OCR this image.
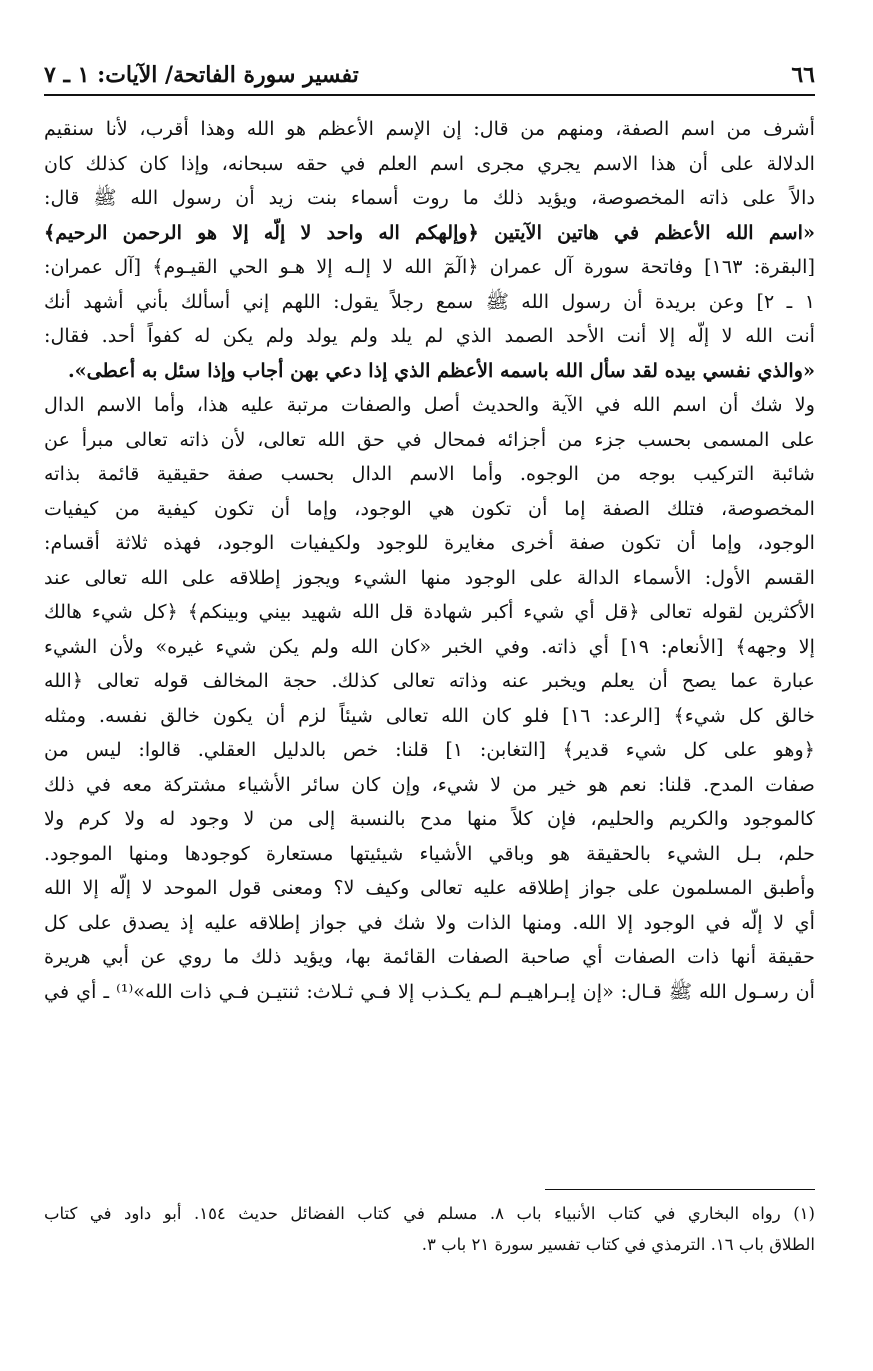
٦٦
تفسير سورة الفاتحة/ الآيات: ١ ـ ٧
أشرف من اسم الصفة، ومنهم من قال: إن الإسم الأعظم هو الله وهذا أقرب، لأنا سنقيم
الدلالة على أن هذا الاسم يجري مجرى اسم العلم في حقه سبحانه، وإذا كان كذلك كان
دالاً على ذاته المخصوصة، ويؤيد ذلك ما روت أسماء بنت زيد أن رسول الله ﷺ قال:
«اسم الله الأعظم في هاتين الآيتين ﴿وإلهكم اله واحد لا إلّه إلا هو الرحمن الرحيم﴾
[البقرة: ١٦٣] وفاتحة سورة آل عمران ﴿الٓمٓ الله لا إلـه إلا هـو الحي القيـوم﴾ [آل عمران:
١ ـ ٢] وعن بريدة أن رسول الله ﷺ سمع رجلاً يقول: اللهم إني أسألك بأني أشهد أنك
أنت الله لا إلّه إلا أنت الأحد الصمد الذي لم يلد ولم يولد ولم يكن له كفواً أحد. فقال:
«والذي نفسي بيده لقد سأل الله باسمه الأعظم الذي إذا دعي بهن أجاب وإذا سئل به أعطى».
ولا شك أن اسم الله في الآية والحديث أصل والصفات مرتبة عليه هذا، وأما الاسم الدال
على المسمى بحسب جزء من أجزائه فمحال في حق الله تعالى، لأن ذاته تعالى مبرأ عن
شائبة التركيب بوجه من الوجوه. وأما الاسم الدال بحسب صفة حقيقية قائمة بذاته
المخصوصة، فتلك الصفة إما أن تكون هي الوجود، وإما أن تكون كيفية من كيفيات
الوجود، وإما أن تكون صفة أخرى مغايرة للوجود ولكيفيات الوجود، فهذه ثلاثة أقسام:
القسم الأول: الأسماء الدالة على الوجود منها الشيء ويجوز إطلاقه على الله تعالى عند
الأكثرين لقوله تعالى ﴿قل أي شيء أكبر شهادة قل الله شهيد بيني وبينكم﴾ ﴿كل شيء هالك
إلا وجهه﴾ [الأنعام: ١٩] أي ذاته. وفي الخبر «كان الله ولم يكن شيء غيره» ولأن الشيء
عبارة عما يصح أن يعلم ويخبر عنه وذاته تعالى كذلك. حجة المخالف قوله تعالى ﴿الله
خالق كل شيء﴾ [الرعد: ١٦] فلو كان الله تعالى شيئاً لزم أن يكون خالق نفسه. ومثله
﴿وهو على كل شيء قدير﴾ [التغابن: ١] قلنا: خص بالدليل العقلي. قالوا: ليس من
صفات المدح. قلنا: نعم هو خير من لا شيء، وإن كان سائر الأشياء مشتركة معه في ذلك
كالموجود والكريم والحليم، فإن كلاً منها مدح بالنسبة إلى من لا وجود له ولا كرم ولا
حلم، بـل الشيء بالحقيقة هو وباقي الأشياء شيئيتها مستعارة كوجودها ومنها الموجود.
وأطبق المسلمون على جواز إطلاقه عليه تعالى وكيف لا؟ ومعنى قول الموحد لا إلّه إلا الله
أي لا إلّه في الوجود إلا الله. ومنها الذات ولا شك في جواز إطلاقه عليه إذ يصدق على كل
حقيقة أنها ذات الصفات أي صاحبة الصفات القائمة بها، ويؤيد ذلك ما روي عن أبي هريرة
أن رسـول الله ﷺ قـال: «إن إبـراهيـم لـم يكـذب إلا فـي ثـلاث: ثنتيـن فـي ذات الله»⁽¹⁾ ـ أي في
(١) رواه البخاري في كتاب الأنبياء باب ٨. مسلم في كتاب الفضائل حديث ١٥٤. أبو داود في كتاب
الطلاق باب ١٦. الترمذي في كتاب تفسير سورة ٢١ باب ٣.
